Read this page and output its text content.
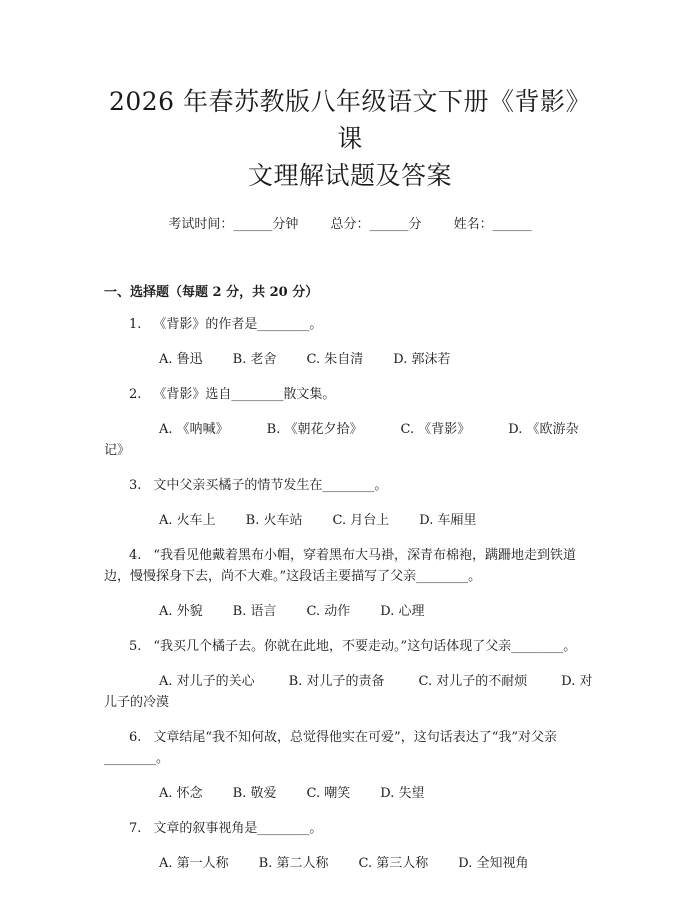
2026 年春苏教版八年级语文下册《背影》课
文理解试题及答案
考试时间：______分钟 总分：______分 姓名：______
一、选择题（每题 2 分，共 20 分）
1. 《背影》的作者是________。
A. 鲁迅 B. 老舍 C. 朱自清 D. 郭沫若
2. 《背影》选自________散文集。
A. 《呐喊》	B. 《朝花夕拾》	C. 《背影》	D. 《欧游杂记》
3. 文中父亲买橘子的情节发生在________。
A. 火车上 B. 火车站 C. 月台上 D. 车厢里
4. “我看见他戴着黑布小帽，穿着黑布大马褂，深青布棉袍，蹒跚地走到铁道边，慢慢探身下去，尚不大难。”这段话主要描写了父亲________。
A. 外貌 B. 语言 C. 动作 D. 心理
5. “我买几个橘子去。你就在此地，不要走动。”这句话体现了父亲________。
A. 对儿子的关心	B. 对儿子的责备	C. 对儿子的不耐烦	D. 对儿子的冷漠
6. 文章结尾“我不知何故，总觉得他实在可爱”，这句话表达了“我”对父亲________。
A. 怀念 B. 敬爱 C. 嘲笑 D. 失望
7. 文章的叙事视角是________。
A. 第一人称 B. 第二人称 C. 第三人称 D. 全知视角
